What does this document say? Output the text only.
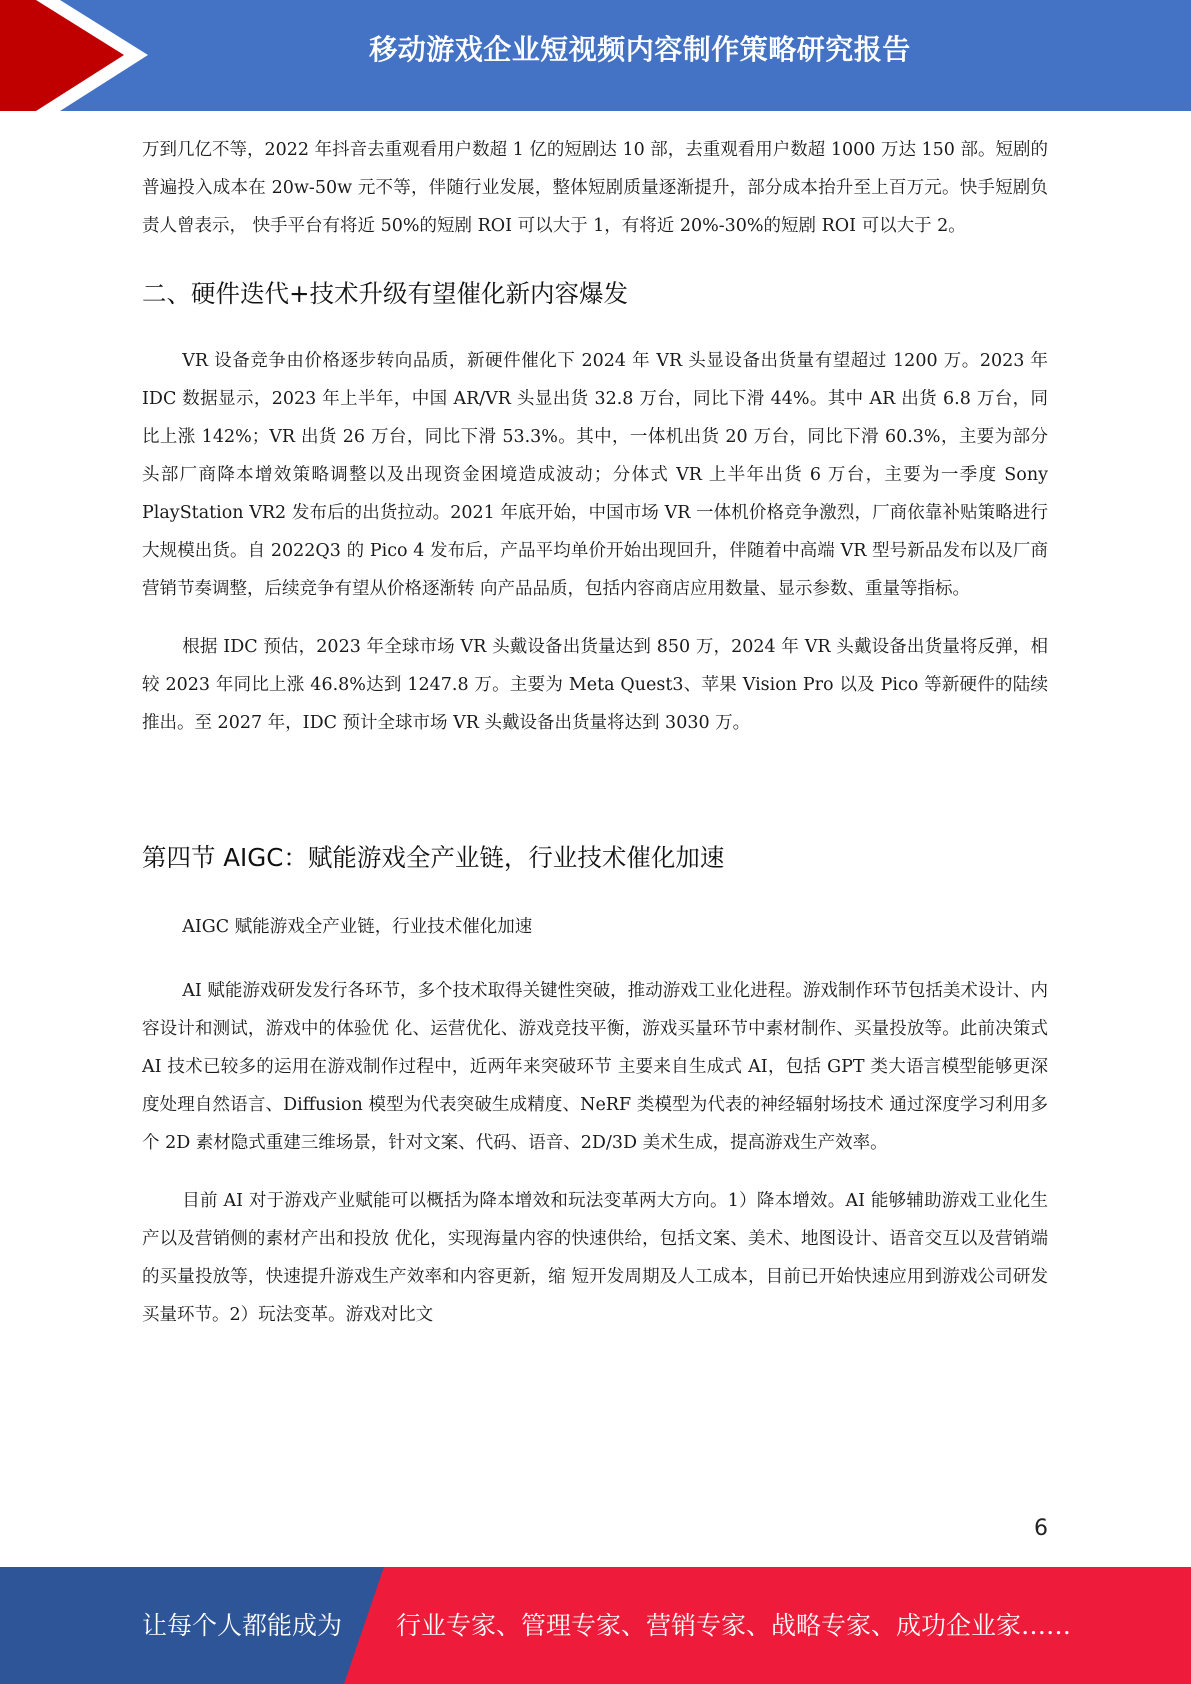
移动游戏企业短视频内容制作策略研究报告

万到几亿不等，2022 年抖音去重观看用户数超 1 亿的短剧达 10 部，去重观看用户数超 1000 万达 150 部。短剧的普遍投入成本在 20w-50w 元不等，伴随行业发展，整体短剧质量逐渐提升，部分成本抬升至上百万元。快手短剧负责人曾表示， 快手平台有将近 50%的短剧 ROI 可以大于 1，有将近 20%-30%的短剧 ROI 可以大于 2。

二、硬件迭代+技术升级有望催化新内容爆发

VR 设备竞争由价格逐步转向品质，新硬件催化下 2024 年 VR 头显设备出货量有望超过 1200 万。2023 年 IDC 数据显示，2023 年上半年，中国 AR/VR 头显出货 32.8 万台，同比下滑 44%。其中 AR 出货 6.8 万台，同比上涨 142%；VR 出货 26 万台，同比下滑 53.3%。其中，一体机出货 20 万台，同比下滑 60.3%，主要为部分头部厂商降本增效策略调整以及出现资金困境造成波动；分体式 VR 上半年出货 6 万台，主要为一季度 Sony PlayStation VR2 发布后的出货拉动。2021 年底开始，中国市场 VR 一体机价格竞争激烈，厂商依靠补贴策略进行大规模出货。自 2022Q3 的 Pico 4 发布后，产品平均单价开始出现回升，伴随着中高端 VR 型号新品发布以及厂商营销节奏调整，后续竞争有望从价格逐渐转 向产品品质，包括内容商店应用数量、显示参数、重量等指标。

根据 IDC 预估，2023 年全球市场 VR 头戴设备出货量达到 850 万，2024 年 VR 头戴设备出货量将反弹，相较 2023 年同比上涨 46.8%达到 1247.8 万。主要为 Meta Quest3、苹果 Vision Pro 以及 Pico 等新硬件的陆续推出。至 2027 年，IDC 预计全球市场 VR 头戴设备出货量将达到 3030 万。

第四节 AIGC：赋能游戏全产业链，行业技术催化加速

AIGC 赋能游戏全产业链，行业技术催化加速

AI 赋能游戏研发发行各环节，多个技术取得关键性突破，推动游戏工业化进程。游戏制作环节包括美术设计、内容设计和测试，游戏中的体验优 化、运营优化、游戏竞技平衡，游戏买量环节中素材制作、买量投放等。此前决策式 AI 技术已较多的运用在游戏制作过程中，近两年来突破环节 主要来自生成式 AI，包括 GPT 类大语言模型能够更深度处理自然语言、Diffusion 模型为代表突破生成精度、NeRF 类模型为代表的神经辐射场技术 通过深度学习利用多个 2D 素材隐式重建三维场景，针对文案、代码、语音、2D/3D 美术生成，提高游戏生产效率。

目前 AI 对于游戏产业赋能可以概括为降本增效和玩法变革两大方向。1）降本增效。AI 能够辅助游戏工业化生产以及营销侧的素材产出和投放 优化，实现海量内容的快速供给，包括文案、美术、地图设计、语音交互以及营销端的买量投放等，快速提升游戏生产效率和内容更新，缩 短开发周期及人工成本，目前已开始快速应用到游戏公司研发买量环节。2）玩法变革。游戏对比文

6
让每个人都能成为 行业专家、管理专家、营销专家、战略专家、成功企业家……
